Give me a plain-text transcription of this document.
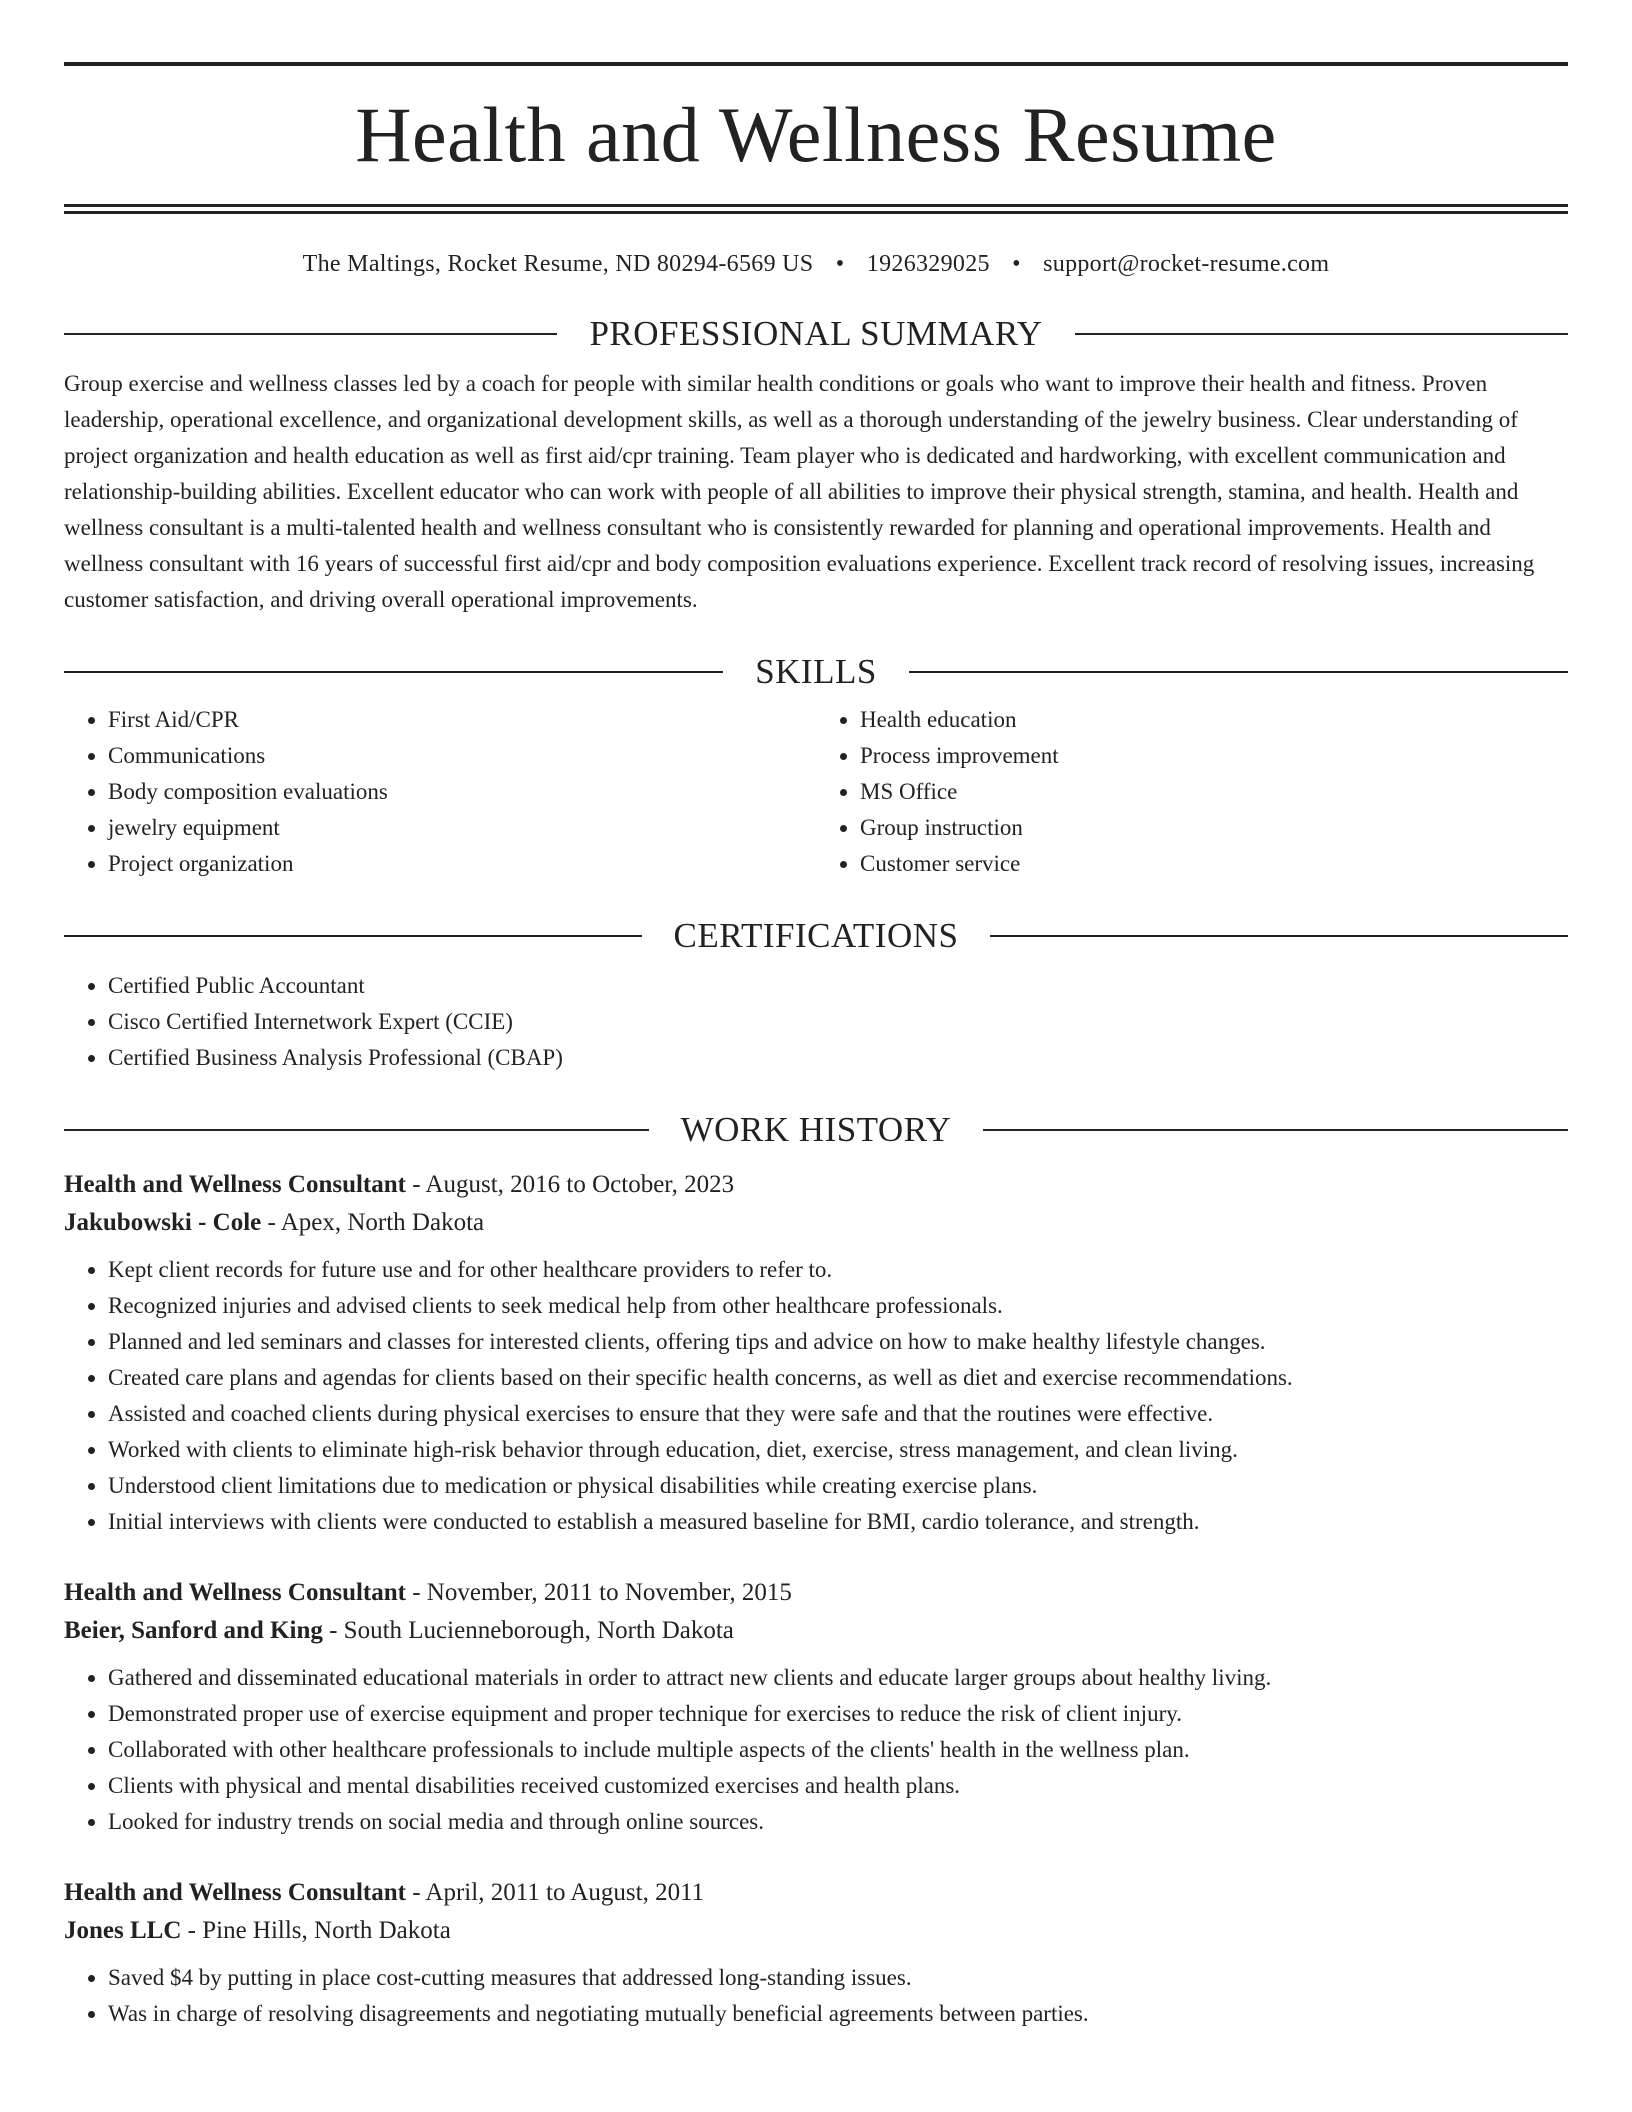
Health and Wellness Resume
The Maltings, Rocket Resume, ND 80294-6569 US • 1926329025 • support@rocket-resume.com
PROFESSIONAL SUMMARY

Group exercise and wellness classes led by a coach for people with similar health conditions or goals who want to improve their health and fitness. Proven leadership, operational excellence, and organizational development skills, as well as a thorough understanding of the jewelry business. Clear understanding of project organization and health education as well as first aid/cpr training. Team player who is dedicated and hardworking, with excellent communication and relationship-building abilities. Excellent educator who can work with people of all abilities to improve their physical strength, stamina, and health. Health and wellness consultant is a multi-talented health and wellness consultant who is consistently rewarded for planning and operational improvements. Health and wellness consultant with 16 years of successful first aid/cpr and body composition evaluations experience. Excellent track record of resolving issues, increasing customer satisfaction, and driving overall operational improvements.

SKILLS
• First Aid/CPR
• Communications
• Body composition evaluations
• jewelry equipment
• Project organization
• Health education
• Process improvement
• MS Office
• Group instruction
• Customer service
CERTIFICATIONS
• Certified Public Accountant
• Cisco Certified Internetwork Expert (CCIE)
• Certified Business Analysis Professional (CBAP)
WORK HISTORY
Health and Wellness Consultant - August, 2016 to October, 2023
Jakubowski - Cole - Apex, North Dakota
• Kept client records for future use and for other healthcare providers to refer to.
• Recognized injuries and advised clients to seek medical help from other healthcare professionals.
• Planned and led seminars and classes for interested clients, offering tips and advice on how to make healthy lifestyle changes.
• Created care plans and agendas for clients based on their specific health concerns, as well as diet and exercise recommendations.
• Assisted and coached clients during physical exercises to ensure that they were safe and that the routines were effective.
• Worked with clients to eliminate high-risk behavior through education, diet, exercise, stress management, and clean living.
• Understood client limitations due to medication or physical disabilities while creating exercise plans.
• Initial interviews with clients were conducted to establish a measured baseline for BMI, cardio tolerance, and strength.
Health and Wellness Consultant - November, 2011 to November, 2015
Beier, Sanford and King - South Lucienneborough, North Dakota
• Gathered and disseminated educational materials in order to attract new clients and educate larger groups about healthy living.
• Demonstrated proper use of exercise equipment and proper technique for exercises to reduce the risk of client injury.
• Collaborated with other healthcare professionals to include multiple aspects of the clients' health in the wellness plan.
• Clients with physical and mental disabilities received customized exercises and health plans.
• Looked for industry trends on social media and through online sources.
Health and Wellness Consultant - April, 2011 to August, 2011
Jones LLC - Pine Hills, North Dakota
• Saved $4 by putting in place cost-cutting measures that addressed long-standing issues.
• Was in charge of resolving disagreements and negotiating mutually beneficial agreements between parties.
